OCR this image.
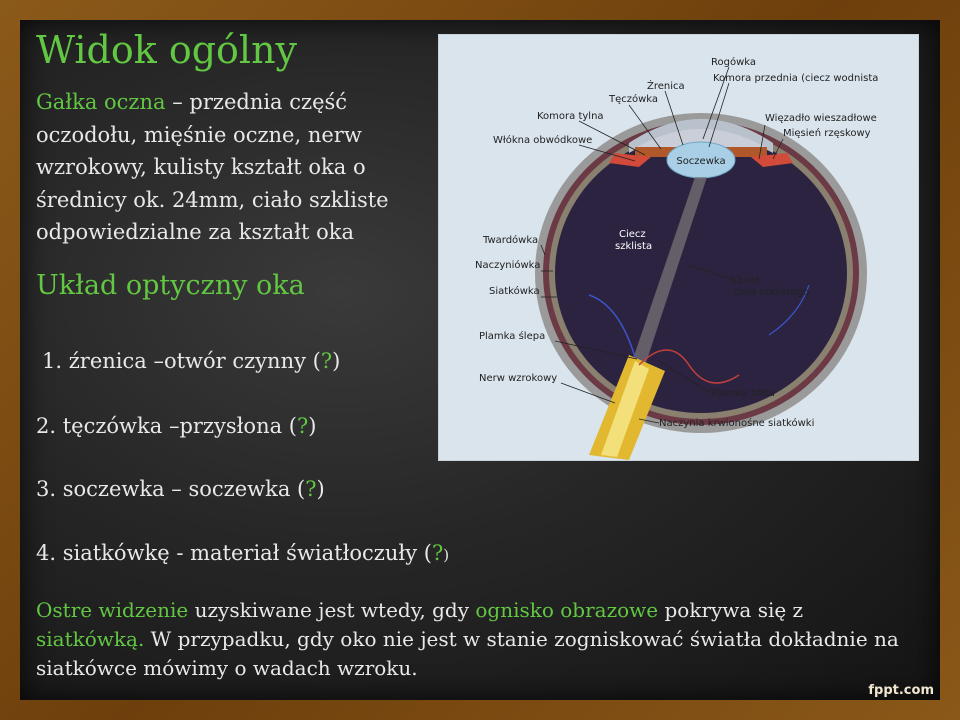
Widok ogólny
Gałka oczna – przednia część oczodołu, mięśnie oczne, nerw wzrokowy, kulisty kształt oka o średnicy ok. 24mm, ciało szkliste odpowiedzialne za kształt oka
Układ optyczny oka
1. źrenica –otwór czynny (?)
2. tęczówka –przysłona (?)
3. soczewka – soczewka (?)
4. siatkówkę - materiał światłoczuły (?)
Ostre widzenie uzyskiwane jest wtedy, gdy ognisko obrazowe pokrywa się z siatkówką. W przypadku, gdy oko nie jest w stanie zogniskować światła dokładnie na siatkówce mówimy o wadach wzroku.
Soczewka
Ciecz
szklista
Rogówka
Źrenica
Komora przednia (ciecz wodnista
Tęczówka
Komora tylna	Więzadło wieszadłowe
Mięsień rzęskowy
Włókna obwódkowe
Twardówka
Naczyniówka
Siatkówka
Kanał
ciała szklistego
Plamka ślepa
Nerw wzrokowy
Plamka żółta
Naczynia krwionośne siatkówki
fppt.com
